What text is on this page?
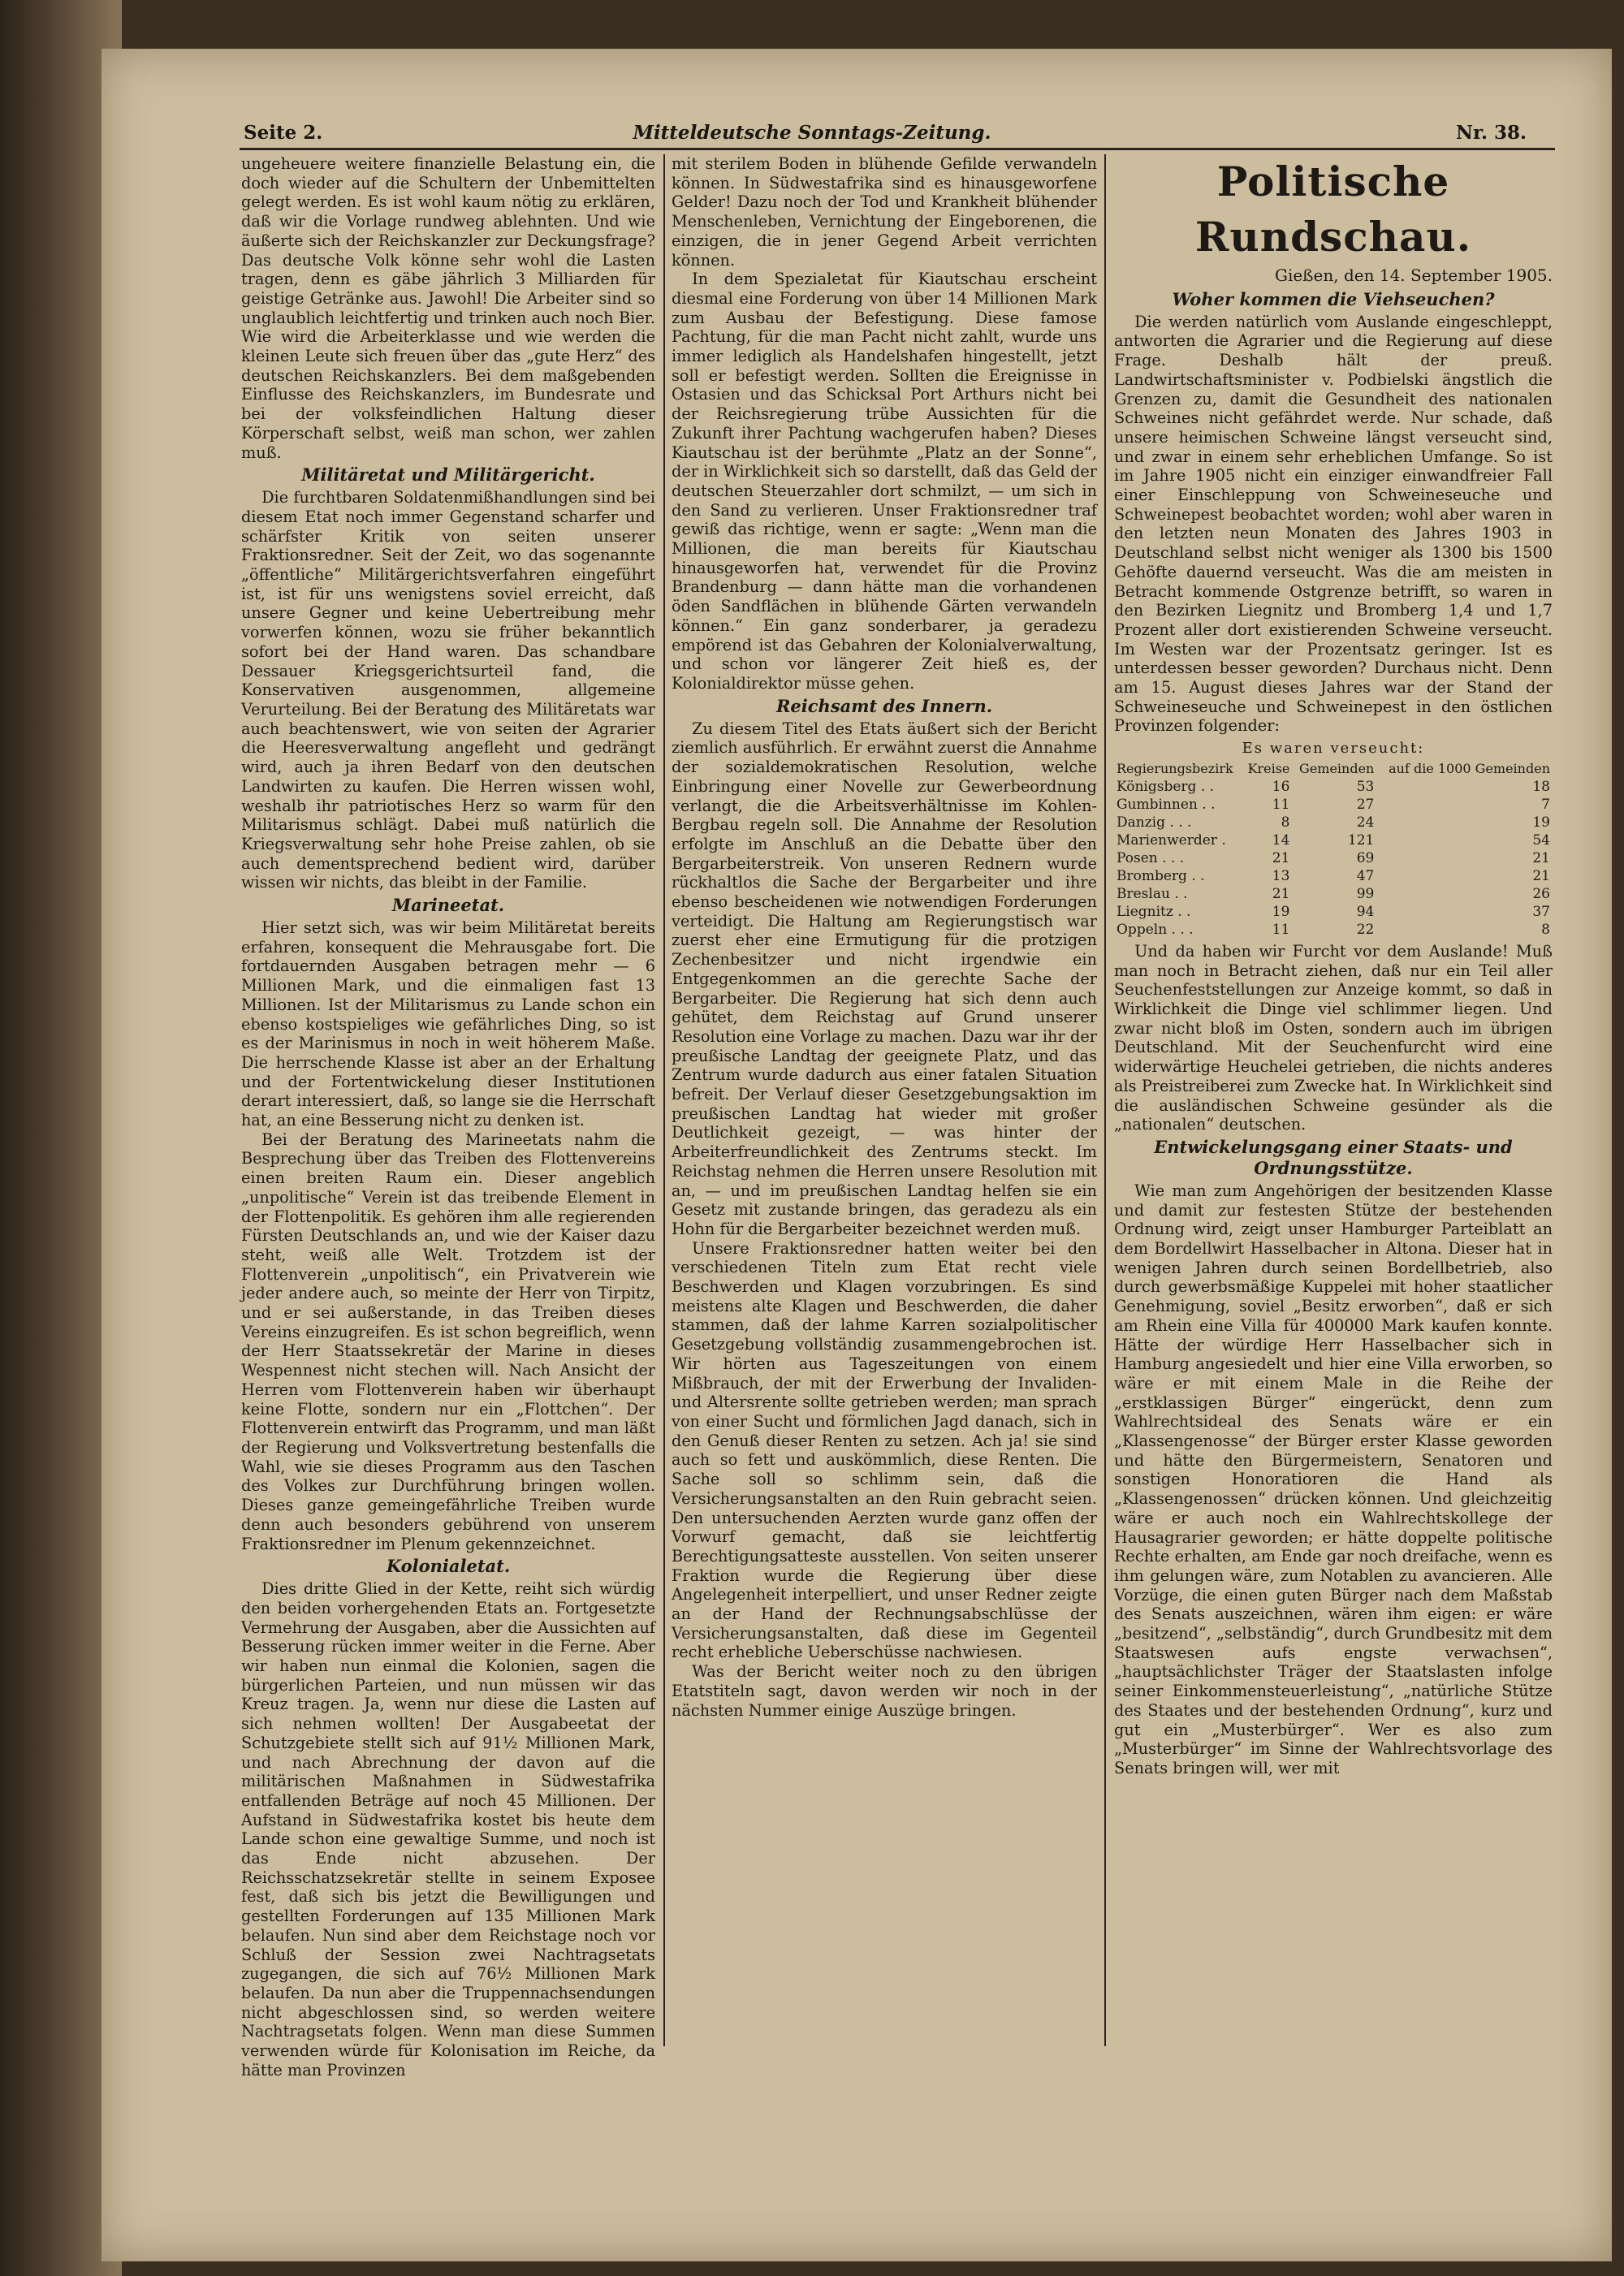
Seite 2.	Mitteldeutsche Sonntags-Zeitung.	Nr. 38.

ungeheuere weitere finanzielle Belastung ein, die doch wieder auf die Schultern der Unbemittelten gelegt werden. Es ist wohl kaum nötig zu erklären, daß wir die Vorlage rundweg ablehnten. Und wie äußerte sich der Reichskanzler zur Deckungsfrage? Das deutsche Volk könne sehr wohl die Lasten tragen, denn es gäbe jährlich 3 Milliarden für geistige Getränke aus. Jawohl! Die Arbeiter sind so unglaublich leichtfertig und trinken auch noch Bier. Wie wird die Arbeiterklasse und wie werden die kleinen Leute sich freuen über das „gute Herz“ des deutschen Reichskanzlers. Bei dem maßgebenden Einflusse des Reichskanzlers, im Bundesrate und bei der volksfeindlichen Haltung dieser Körperschaft selbst, weiß man schon, wer zahlen muß.

Militäretat und Militärgericht.

Die furchtbaren Soldatenmißhandlungen sind bei diesem Etat noch immer Gegenstand scharfer und schärfster Kritik von seiten unserer Fraktionsredner. Seit der Zeit, wo das sogenannte „öffentliche“ Militärgerichtsverfahren eingeführt ist, ist für uns wenigstens soviel erreicht, daß unsere Gegner und keine Uebertreibung mehr vorwerfen können, wozu sie früher bekanntlich sofort bei der Hand waren. Das schandbare Dessauer Kriegsgerichtsurteil fand, die Konservativen ausgenommen, allgemeine Verurteilung. Bei der Beratung des Militäretats war auch beachtenswert, wie von seiten der Agrarier die Heeresverwaltung angefleht und gedrängt wird, auch ja ihren Bedarf von den deutschen Landwirten zu kaufen. Die Herren wissen wohl, weshalb ihr patriotisches Herz so warm für den Militarismus schlägt. Dabei muß natürlich die Kriegsverwaltung sehr hohe Preise zahlen, ob sie auch dementsprechend bedient wird, darüber wissen wir nichts, das bleibt in der Familie.

Marineetat.

Hier setzt sich, was wir beim Militäretat bereits erfahren, konsequent die Mehrausgabe fort. Die fortdauernden Ausgaben betragen mehr — 6 Millionen Mark, und die einmaligen fast 13 Millionen. Ist der Militarismus zu Lande schon ein ebenso kostspieliges wie gefährliches Ding, so ist es der Marinismus in noch in weit höherem Maße. Die herrschende Klasse ist aber an der Erhaltung und der Fortentwickelung dieser Institutionen derart interessiert, daß, so lange sie die Herrschaft hat, an eine Besserung nicht zu denken ist.

Bei der Beratung des Marineetats nahm die Besprechung über das Treiben des Flottenvereins einen breiten Raum ein. Dieser angeblich „unpolitische“ Verein ist das treibende Element in der Flottenpolitik. Es gehören ihm alle regierenden Fürsten Deutschlands an, und wie der Kaiser dazu steht, weiß alle Welt. Trotzdem ist der Flottenverein „unpolitisch“, ein Privatverein wie jeder andere auch, so meinte der Herr von Tirpitz, und er sei außerstande, in das Treiben dieses Vereins einzugreifen. Es ist schon begreiflich, wenn der Herr Staatssekretär der Marine in dieses Wespennest nicht stechen will. Nach Ansicht der Herren vom Flottenverein haben wir überhaupt keine Flotte, sondern nur ein „Flottchen“. Der Flottenverein entwirft das Programm, und man läßt der Regierung und Volksvertretung bestenfalls die Wahl, wie sie dieses Programm aus den Taschen des Volkes zur Durchführung bringen wollen. Dieses ganze gemeingefährliche Treiben wurde denn auch besonders gebührend von unserem Fraktionsredner im Plenum gekennzeichnet.

Kolonialetat.

Dies dritte Glied in der Kette, reiht sich würdig den beiden vorhergehenden Etats an. Fortgesetzte Vermehrung der Ausgaben, aber die Aussichten auf Besserung rücken immer weiter in die Ferne. Aber wir haben nun einmal die Kolonien, sagen die bürgerlichen Parteien, und nun müssen wir das Kreuz tragen. Ja, wenn nur diese die Lasten auf sich nehmen wollten! Der Ausgabeetat der Schutzgebiete stellt sich auf 91½ Millionen Mark, und nach Abrechnung der davon auf die militärischen Maßnahmen in Südwestafrika entfallenden Beträge auf noch 45 Millionen. Der Aufstand in Südwestafrika kostet bis heute dem Lande schon eine gewaltige Summe, und noch ist das Ende nicht abzusehen. Der Reichsschatzsekretär stellte in seinem Exposee fest, daß sich bis jetzt die Bewilligungen und gestellten Forderungen auf 135 Millionen Mark belaufen. Nun sind aber dem Reichstage noch vor Schluß der Session zwei Nachtragsetats zugegangen, die sich auf 76½ Millionen Mark belaufen. Da nun aber die Truppennachsendungen nicht abgeschlossen sind, so werden weitere Nachtragsetats folgen. Wenn man diese Summen verwenden würde für Kolonisation im Reiche, da hätte man Provinzen

mit sterilem Boden in blühende Gefilde verwandeln können. In Südwestafrika sind es hinausgeworfene Gelder! Dazu noch der Tod und Krankheit blühender Menschenleben, Vernichtung der Eingeborenen, die einzigen, die in jener Gegend Arbeit verrichten können.

In dem Spezialetat für Kiautschau erscheint diesmal eine Forderung von über 14 Millionen Mark zum Ausbau der Befestigung. Diese famose Pachtung, für die man Pacht nicht zahlt, wurde uns immer lediglich als Handelshafen hingestellt, jetzt soll er befestigt werden. Sollten die Ereignisse in Ostasien und das Schicksal Port Arthurs nicht bei der Reichsregierung trübe Aussichten für die Zukunft ihrer Pachtung wachgerufen haben? Dieses Kiautschau ist der berühmte „Platz an der Sonne“, der in Wirklichkeit sich so darstellt, daß das Geld der deutschen Steuerzahler dort schmilzt, — um sich in den Sand zu verlieren. Unser Fraktionsredner traf gewiß das richtige, wenn er sagte: „Wenn man die Millionen, die man bereits für Kiautschau hinausgeworfen hat, verwendet für die Provinz Brandenburg — dann hätte man die vorhandenen öden Sandflächen in blühende Gärten verwandeln können.“ Ein ganz sonderbarer, ja geradezu empörend ist das Gebahren der Kolonialverwaltung, und schon vor längerer Zeit hieß es, der Kolonialdirektor müsse gehen.

Reichsamt des Innern.

Zu diesem Titel des Etats äußert sich der Bericht ziemlich ausführlich. Er erwähnt zuerst die Annahme der sozialdemokratischen Resolution, welche Einbringung einer Novelle zur Gewerbeordnung verlangt, die die Arbeitsverhältnisse im Kohlen-Bergbau regeln soll. Die Annahme der Resolution erfolgte im Anschluß an die Debatte über den Bergarbeiterstreik. Von unseren Rednern wurde rückhaltlos die Sache der Bergarbeiter und ihre ebenso bescheidenen wie notwendigen Forderungen verteidigt. Die Haltung am Regierungstisch war zuerst eher eine Ermutigung für die protzigen Zechenbesitzer und nicht irgendwie ein Entgegenkommen an die gerechte Sache der Bergarbeiter. Die Regierung hat sich denn auch gehütet, dem Reichstag auf Grund unserer Resolution eine Vorlage zu machen. Dazu war ihr der preußische Landtag der geeignete Platz, und das Zentrum wurde dadurch aus einer fatalen Situation befreit. Der Verlauf dieser Gesetzgebungsaktion im preußischen Landtag hat wieder mit großer Deutlichkeit gezeigt, — was hinter der Arbeiterfreundlichkeit des Zentrums steckt. Im Reichstag nehmen die Herren unsere Resolution mit an, — und im preußischen Landtag helfen sie ein Gesetz mit zustande bringen, das geradezu als ein Hohn für die Bergarbeiter bezeichnet werden muß.

Unsere Fraktionsredner hatten weiter bei den verschiedenen Titeln zum Etat recht viele Beschwerden und Klagen vorzubringen. Es sind meistens alte Klagen und Beschwerden, die daher stammen, daß der lahme Karren sozialpolitischer Gesetzgebung vollständig zusammengebrochen ist. Wir hörten aus Tageszeitungen von einem Mißbrauch, der mit der Erwerbung der Invaliden- und Altersrente sollte getrieben werden; man sprach von einer Sucht und förmlichen Jagd danach, sich in den Genuß dieser Renten zu setzen. Ach ja! sie sind auch so fett und auskömmlich, diese Renten. Die Sache soll so schlimm sein, daß die Versicherungsanstalten an den Ruin gebracht seien. Den untersuchenden Aerzten wurde ganz offen der Vorwurf gemacht, daß sie leichtfertig Berechtigungsatteste ausstellen. Von seiten unserer Fraktion wurde die Regierung über diese Angelegenheit interpelliert, und unser Redner zeigte an der Hand der Rechnungsabschlüsse der Versicherungsanstalten, daß diese im Gegenteil recht erhebliche Ueberschüsse nachwiesen.

Was der Bericht weiter noch zu den übrigen Etatstiteln sagt, davon werden wir noch in der nächsten Nummer einige Auszüge bringen.

Politische Rundschau.
Gießen, den 14. September 1905.
Woher kommen die Viehseuchen?

Die werden natürlich vom Auslande eingeschleppt, antworten die Agrarier und die Regierung auf diese Frage. Deshalb hält der preuß. Landwirtschaftsminister v. Podbielski ängstlich die Grenzen zu, damit die Gesundheit des nationalen Schweines nicht gefährdet werde. Nur schade, daß unsere heimischen Schweine längst verseucht sind, und zwar in einem sehr erheblichen Umfange. So ist im Jahre 1905 nicht ein einziger einwandfreier Fall einer Einschleppung von Schweineseuche und Schweinepest beobachtet worden; wohl aber waren in den letzten neun Monaten des Jahres 1903 in Deutschland selbst nicht weniger als 1300 bis 1500 Gehöfte dauernd verseucht. Was die am meisten in Betracht kommende Ostgrenze betrifft, so waren in den Bezirken Liegnitz und Bromberg 1,4 und 1,7 Prozent aller dort existierenden Schweine verseucht. Im Westen war der Prozentsatz geringer. Ist es unterdessen besser geworden? Durchaus nicht. Denn am 15. August dieses Jahres war der Stand der Schweineseuche und Schweinepest in den östlichen Provinzen folgender:

Es waren verseucht:
Regierungsbezirk	Kreise	Gemeinden	auf die 1000 Gemeinden
Königsberg . .	16	53	18
Gumbinnen . .	11	27	7
Danzig . . .	8	24	19
Marienwerder .	14	121	54
Posen . . .	21	69	21
Bromberg . .	13	47	21
Breslau . .	21	99	26
Liegnitz . .	19	94	37
Oppeln . . .	11	22	8

Und da haben wir Furcht vor dem Auslande! Muß man noch in Betracht ziehen, daß nur ein Teil aller Seuchenfeststellungen zur Anzeige kommt, so daß in Wirklichkeit die Dinge viel schlimmer liegen. Und zwar nicht bloß im Osten, sondern auch im übrigen Deutschland. Mit der Seuchenfurcht wird eine widerwärtige Heuchelei getrieben, die nichts anderes als Preistreiberei zum Zwecke hat. In Wirklichkeit sind die ausländischen Schweine gesünder als die „nationalen“ deutschen.

Entwickelungsgang einer Staats- und Ordnungsstütze.

Wie man zum Angehörigen der besitzenden Klasse und damit zur festesten Stütze der bestehenden Ordnung wird, zeigt unser Hamburger Parteiblatt an dem Bordellwirt Hasselbacher in Altona. Dieser hat in wenigen Jahren durch seinen Bordellbetrieb, also durch gewerbsmäßige Kuppelei mit hoher staatlicher Genehmigung, soviel „Besitz erworben“, daß er sich am Rhein eine Villa für 400000 Mark kaufen konnte. Hätte der würdige Herr Hasselbacher sich in Hamburg angesiedelt und hier eine Villa erworben, so wäre er mit einem Male in die Reihe der „erstklassigen Bürger“ eingerückt, denn zum Wahlrechtsideal des Senats wäre er ein „Klassengenosse“ der Bürger erster Klasse geworden und hätte den Bürgermeistern, Senatoren und sonstigen Honoratioren die Hand als „Klassengenossen“ drücken können. Und gleichzeitig wäre er auch noch ein Wahlrechtskollege der Hausagrarier geworden; er hätte doppelte politische Rechte erhalten, am Ende gar noch dreifache, wenn es ihm gelungen wäre, zum Notablen zu avancieren. Alle Vorzüge, die einen guten Bürger nach dem Maßstab des Senats auszeichnen, wären ihm eigen: er wäre „besitzend“, „selbständig“, durch Grundbesitz mit dem Staatswesen aufs engste verwachsen“, „hauptsächlichster Träger der Staatslasten infolge seiner Einkommensteuerleistung“, „natürliche Stütze des Staates und der bestehenden Ordnung“, kurz und gut ein „Musterbürger“. Wer es also zum „Musterbürger“ im Sinne der Wahlrechtsvorlage des Senats bringen will, wer mit
